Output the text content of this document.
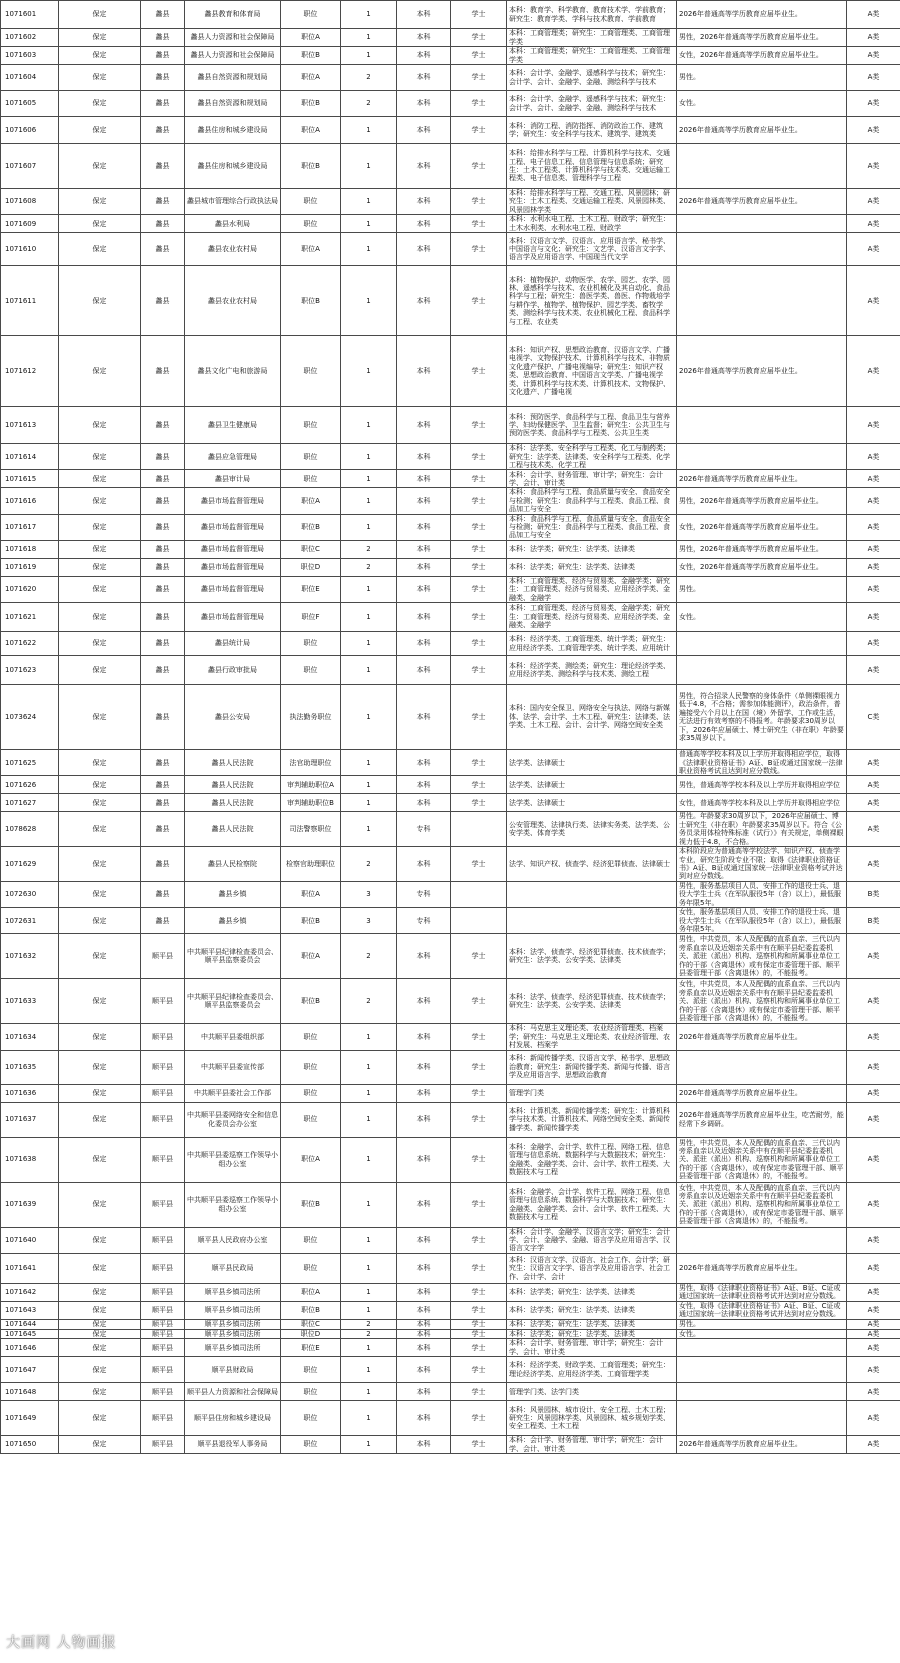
1071601	保定	蠡县	蠡县教育和体育局	职位	1	本科	学士	本科：教育学、科学教育、教育技术学、学前教育；研究生：教育学类、学科与技术教育、学前教育	2026年普通高等学历教育应届毕业生。	A类
1071602	保定	蠡县	蠡县人力资源和社会保障局	职位A	1	本科	学士	本科：工商管理类；研究生：工商管理类、工商管理学类	男性，2026年普通高等学历教育应届毕业生。	A类
1071603	保定	蠡县	蠡县人力资源和社会保障局	职位B	1	本科	学士	本科：工商管理类；研究生：工商管理类、工商管理学类	女性，2026年普通高等学历教育应届毕业生。	A类
1071604	保定	蠡县	蠡县自然资源和规划局	职位A	2	本科	学士	本科：会计学、金融学、遥感科学与技术；研究生：会计学、会计、金融学、金融、测绘科学与技术	男性。	A类
1071605	保定	蠡县	蠡县自然资源和规划局	职位B	2	本科	学士	本科：会计学、金融学、遥感科学与技术；研究生：会计学、会计、金融学、金融、测绘科学与技术	女性。	A类
1071606	保定	蠡县	蠡县住房和城乡建设局	职位A	1	本科	学士	本科：消防工程、消防指挥、消防政治工作、建筑学；研究生：安全科学与技术、建筑学、建筑类	2026年普通高等学历教育应届毕业生。	A类
1071607	保定	蠡县	蠡县住房和城乡建设局	职位B	1	本科	学士	本科：给排水科学与工程、计算机科学与技术、交通工程、电子信息工程、信息管理与信息系统；研究生：土木工程类、计算机科学与技术类、交通运输工程类、电子信息类、管理科学与工程		A类
1071608	保定	蠡县	蠡县城市管理综合行政执法局	职位	1	本科	学士	本科：给排水科学与工程、交通工程、风景园林；研究生：土木工程类、交通运输工程类、风景园林类、风景园林学类	2026年普通高等学历教育应届毕业生。	A类
1071609	保定	蠡县	蠡县水利局	职位	1	本科	学士	本科：水利水电工程、土木工程、财政学；研究生：土木水利类、水利水电工程、财政学		A类
1071610	保定	蠡县	蠡县农业农村局	职位A	1	本科	学士	本科：汉语言文学、汉语言、应用语言学、秘书学、中国语言与文化；研究生：文艺学、汉语言文字学、语言学及应用语言学、中国现当代文学		A类
1071611	保定	蠡县	蠡县农业农村局	职位B	1	本科	学士	本科：植物保护、动物医学、农学、园艺、农学、园林、遥感科学与技术、农业机械化及其自动化、食品科学与工程；研究生：兽医学类、兽医、作物栽培学与耕作学、植物学、植物保护、园艺学类、畜牧学类、测绘科学与技术类、农业机械化工程、食品科学与工程、农业类		A类
1071612	保定	蠡县	蠡县文化广电和旅游局	职位	1	本科	学士	本科：知识产权、思想政治教育、汉语言文学、广播电视学、文物保护技术、计算机科学与技术、非物质文化遗产保护、广播电视编导；研究生：知识产权类、思想政治教育、中国语言文学类、广播电视学类、计算机科学与技术类、计算机技术、文物保护、文化遗产、广播电视	2026年普通高等学历教育应届毕业生。	A类
1071613	保定	蠡县	蠡县卫生健康局	职位	1	本科	学士	本科：预防医学、食品科学与工程、食品卫生与营养学、妇幼保健医学、卫生监督；研究生：公共卫生与预防医学类、食品科学与工程类、公共卫生类		A类
1071614	保定	蠡县	蠡县应急管理局	职位	1	本科	学士	本科：法学类、安全科学与工程类、化工与制药类；研究生：法学类、法律类、安全科学与工程类、化学工程与技术类、化学工程		A类
1071615	保定	蠡县	蠡县审计局	职位	1	本科	学士	本科：会计学、财务管理、审计学；研究生：会计学、会计、审计类	2026年普通高等学历教育应届毕业生。	A类
1071616	保定	蠡县	蠡县市场监督管理局	职位A	1	本科	学士	本科：食品科学与工程、食品质量与安全、食品安全与检测；研究生：食品科学与工程类、食品工程、食品加工与安全	男性，2026年普通高等学历教育应届毕业生。	A类
1071617	保定	蠡县	蠡县市场监督管理局	职位B	1	本科	学士	本科：食品科学与工程、食品质量与安全、食品安全与检测；研究生：食品科学与工程类、食品工程、食品加工与安全	女性，2026年普通高等学历教育应届毕业生。	A类
1071618	保定	蠡县	蠡县市场监督管理局	职位C	2	本科	学士	本科：法学类；研究生：法学类、法律类	男性，2026年普通高等学历教育应届毕业生。	A类
1071619	保定	蠡县	蠡县市场监督管理局	职位D	2	本科	学士	本科：法学类；研究生：法学类、法律类	女性，2026年普通高等学历教育应届毕业生。	A类
1071620	保定	蠡县	蠡县市场监督管理局	职位E	1	本科	学士	本科：工商管理类、经济与贸易类、金融学类；研究生：工商管理类、经济与贸易类、应用经济学类、金融类、金融学	男性。	A类
1071621	保定	蠡县	蠡县市场监督管理局	职位F	1	本科	学士	本科：工商管理类、经济与贸易类、金融学类；研究生：工商管理类、经济与贸易类、应用经济学类、金融类、金融学	女性。	A类
1071622	保定	蠡县	蠡县统计局	职位	1	本科	学士	本科：经济学类、工商管理类、统计学类；研究生：应用经济学类、工商管理学类、统计学类、应用统计		A类
1071623	保定	蠡县	蠡县行政审批局	职位	1	本科	学士	本科：经济学类、测绘类；研究生：理论经济学类、应用经济学类、测绘科学与技术类、测绘工程		A类
1073624	保定	蠡县	蠡县公安局	执法勤务职位	1	本科	学士	本科：国内安全保卫、网络安全与执法、网络与新媒体、法学、会计学、土木工程、研究生：法律类、法学类、土木工程、会计、会计学、网络空间安全类	男性，符合招录人民警察的身体条件（单侧裸眼视力低于4.8，不合格；需参加体能测评），政治条件，普遍接受六个月以上在国（境）外留学、工作或生活，无法进行有效考察的不得报考。年龄要求30周岁以下，2026年应届硕士、博士研究生（非在职）年龄要求35周岁以下。	C类
1071625	保定	蠡县	蠡县人民法院	法官助理职位	1	本科	学士	法学类、法律硕士	普通高等学校本科及以上学历并取得相应学位，取得《法律职业资格证书》A证、B证或通过国家统一法律职业资格考试且达到对应分数线。	A类
1071626	保定	蠡县	蠡县人民法院	审判辅助职位A	1	本科	学士	法学类、法律硕士	男性，普通高等学校本科及以上学历并取得相应学位	A类
1071627	保定	蠡县	蠡县人民法院	审判辅助职位B	1	本科	学士	法学类、法律硕士	女性，普通高等学校本科及以上学历并取得相应学位	A类
1078628	保定	蠡县	蠡县人民法院	司法警察职位	1	专科		公安管理类、法律执行类、法律实务类、法学类、公安学类、体育学类	男性。年龄要求30周岁以下，2026年应届硕士、博士研究生（非在职）年龄要求35周岁以下。符合《公务员录用体检特殊标准（试行）》有关规定，单侧裸眼视力低于4.8，不合格。	A类
1071629	保定	蠡县	蠡县人民检察院	检察官助理职位	2	本科	学士	法学、知识产权、侦查学、经济犯罪侦查、法律硕士	本科阶段应为普通高等学校法学、知识产权、侦查学专业，研究生阶段专业不限；取得《法律职业资格证书》A证、B证或通过国家统一法律职业资格考试并达到对应分数线。	A类
1072630	保定	蠡县	蠡县乡镇	职位A	3	专科			男性，服务基层项目人员、安排工作的退役士兵、退役大学生士兵（在军队服役5年（含）以上），最低服务年限5年。	B类
1072631	保定	蠡县	蠡县乡镇	职位B	3	专科			女性，服务基层项目人员、安排工作的退役士兵、退役大学生士兵（在军队服役5年（含）以上），最低服务年限5年。	B类
1071632	保定	顺平县	中共顺平县纪律检查委员会、顺平县监察委员会	职位A	2	本科	学士	本科：法学、侦查学、经济犯罪侦查、技术侦查学；研究生：法学类、公安学类、法律类	男性，中共党员，本人及配偶的直系血亲、三代以内旁系血亲以及近姻亲关系中有在顺平县纪委监委机关、派驻（派出）机构、巡察机构和所属事业单位工作的干部（含离退休）或有保定市委管理干部、顺平县委管理干部（含离退休）的，不能报考。	A类
1071633	保定	顺平县	中共顺平县纪律检查委员会、顺平县监察委员会	职位B	2	本科	学士	本科：法学、侦查学、经济犯罪侦查、技术侦查学；研究生：法学类、公安学类、法律类	女性，中共党员，本人及配偶的直系血亲、三代以内旁系血亲以及近姻亲关系中有在顺平县纪委监委机关、派驻（派出）机构、巡察机构和所属事业单位工作的干部（含离退休）或有保定市委管理干部、顺平县委管理干部（含离退休）的，不能报考。	A类
1071634	保定	顺平县	中共顺平县委组织部	职位	1	本科	学士	本科：马克思主义理论类、农业经济管理类、档案学；研究生：马克思主义理论类、农业经济管理、农村发展、档案学	2026年普通高等学历教育应届毕业生。	A类
1071635	保定	顺平县	中共顺平县委宣传部	职位	1	本科	学士	本科：新闻传播学类、汉语言文学、秘书学、思想政治教育；研究生：新闻传播学类、新闻与传播、语言学及应用语言学、思想政治教育		A类
1071636	保定	顺平县	中共顺平县委社会工作部	职位	1	本科	学士	管理学门类	2026年普通高等学历教育应届毕业生。	A类
1071637	保定	顺平县	中共顺平县委网络安全和信息化委员会办公室	职位	1	本科	学士	本科：计算机类、新闻传播学类；研究生：计算机科学与技术类、计算机技术、网络空间安全类、新闻传播学类、新闻传播学类	2026年普通高等学历教育应届毕业生，吃苦耐劳，能经常下乡调研。	A类
1071638	保定	顺平县	中共顺平县委巡察工作领导小组办公室	职位A	1	本科	学士	本科：金融学、会计学、软件工程、网络工程、信息管理与信息系统、数据科学与大数据技术；研究生：金融类、金融学类、会计、会计学、软件工程类、大数据技术与工程	男性，中共党员，本人及配偶的直系血亲、三代以内旁系血亲以及近姻亲关系中有在顺平县纪委监委机关、派驻（派出）机构、巡察机构和所属事业单位工作的干部（含离退休），或有保定市委管理干部、顺平县委管理干部（含离退休）的，不能报考。	A类
1071639	保定	顺平县	中共顺平县委巡察工作领导小组办公室	职位B	1	本科	学士	本科：金融学、会计学、软件工程、网络工程、信息管理与信息系统、数据科学与大数据技术；研究生：金融类、金融学类、会计、会计学、软件工程类、大数据技术与工程	女性，中共党员，本人及配偶的直系血亲、三代以内旁系血亲以及近姻亲关系中有在顺平县纪委监委机关、派驻（派出）机构、巡察机构和所属事业单位工作的干部（含离退休），或有保定市委管理干部、顺平县委管理干部（含离退休）的，不能报考。	A类
1071640	保定	顺平县	顺平县人民政府办公室	职位	1	本科	学士	本科：会计学、金融学、汉语言文学；研究生：会计学、会计、金融学、金融、语言学及应用语言学、汉语言文字学		A类
1071641	保定	顺平县	顺平县民政局	职位	1	本科	学士	本科：汉语言文学、汉语言、社会工作、会计学；研究生：汉语言文字学、语言学及应用语言学、社会工作、会计学、会计	2026年普通高等学历教育应届毕业生。	A类
1071642	保定	顺平县	顺平县乡镇司法所	职位A	1	本科	学士	本科：法学类；研究生：法学类、法律类	男性，取得《法律职业资格证书》A证、B证、C证或通过国家统一法律职业资格考试并达到对应分数线。	A类
1071643	保定	顺平县	顺平县乡镇司法所	职位B	1	本科	学士	本科：法学类；研究生：法学类、法律类	女性，取得《法律职业资格证书》A证、B证、C证或通过国家统一法律职业资格考试并达到对应分数线。	A类
1071644	保定	顺平县	顺平县乡镇司法所	职位C	2	本科	学士	本科：法学类；研究生：法学类、法律类	男性。	A类
1071645	保定	顺平县	顺平县乡镇司法所	职位D	2	本科	学士	本科：法学类；研究生：法学类、法律类	女性。	A类
1071646	保定	顺平县	顺平县乡镇司法所	职位E	1	本科	学士	本科：会计学、财务管理、审计学；研究生：会计学、会计、审计类		A类
1071647	保定	顺平县	顺平县财政局	职位	1	本科	学士	本科：经济学类、财政学类、工商管理类；研究生：理论经济学类、应用经济学类、工商管理学类		A类
1071648	保定	顺平县	顺平县人力资源和社会保障局	职位	1	本科	学士	管理学门类、法学门类		A类
1071649	保定	顺平县	顺平县住房和城乡建设局	职位	1	本科	学士	本科：风景园林、城市设计、安全工程、土木工程；研究生：风景园林学类、风景园林、城乡规划学类、安全工程类、土木工程		A类
1071650	保定	顺平县	顺平县退役军人事务局	职位	1	本科	学士	本科：会计学、财务管理、审计学；研究生：会计学、会计、审计类	2026年普通高等学历教育应届毕业生。	A类
大画网 人物画报
